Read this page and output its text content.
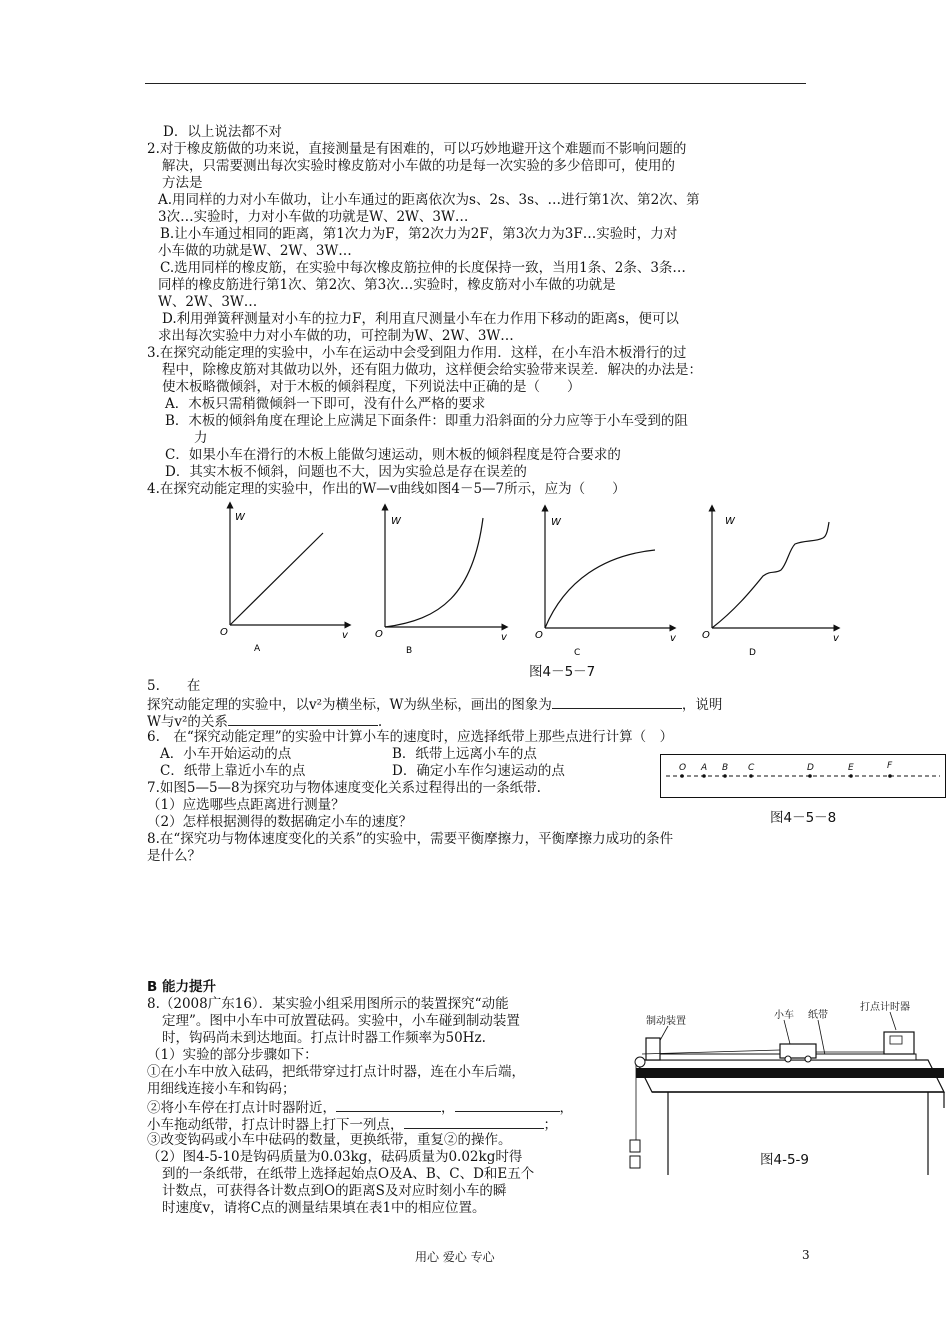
D．以上说法都不对
2.对于橡皮筋做的功来说，直接测量是有困难的，可以巧妙地避开这个难题而不影响问题的
解决，只需要测出每次实验时橡皮筋对小车做的功是每一次实验的多少倍即可，使用的
方法是
A.用同样的力对小车做功，让小车通过的距离依次为s、2s、3s、…进行第1次、第2次、第
3次…实验时，力对小车做的功就是W、2W、3W…
B.让小车通过相同的距离，第1次力为F，第2次力为2F，第3次力为3F…实验时，力对
小车做的功就是W、2W、3W…
C.选用同样的橡皮筋，在实验中每次橡皮筋拉伸的长度保持一致，当用1条、2条、3条…
同样的橡皮筋进行第1次、第2次、第3次…实验时，橡皮筋对小车做的功就是
W、2W、3W…
D.利用弹簧秤测量对小车的拉力F，利用直尺测量小车在力作用下移动的距离s，便可以
求出每次实验中力对小车做的功，可控制为W、2W、3W…
3.在探究动能定理的实验中，小车在运动中会受到阻力作用．这样，在小车沿木板滑行的过
程中，除橡皮筋对其做功以外，还有阻力做功，这样便会给实验带来误差．解决的办法是：
使木板略微倾斜，对于木板的倾斜程度，下列说法中正确的是（　　）
A．木板只需稍微倾斜一下即可，没有什么严格的要求
B．木板的倾斜角度在理论上应满足下面条件：即重力沿斜面的分力应等于小车受到的阻
力
C．如果小车在滑行的木板上能做匀速运动，则木板的倾斜程度是符合要求的
D．其实木板不倾斜，问题也不大，因为实验总是存在误差的
4.在探究动能定理的实验中，作出的W—v曲线如图4－5—7所示，应为（　　）
W
O	v
A
W
O	v
B
W
O	v
C
W
O	v
D
图4－5－7
5.　　在
探究动能定理的实验中，以v²为横坐标，W为纵坐标，画出的图象为	，说明
W与v²的关系	.
6.　在“探究动能定理”的实验中计算小车的速度时，应选择纸带上那些点进行计算（　）
A．小车开始运动的点	B．纸带上远离小车的点
C．纸带上靠近小车的点	D．确定小车作匀速运动的点	O A B C	D	E	F
图4－5－8
7.如图5—5—8为探究功与物体速度变化关系过程得出的一条纸带.
（1）应选哪些点距离进行测量？
（2）怎样根据测得的数据确定小车的速度？
8.在“探究功与物体速度变化的关系”的实验中，需要平衡摩擦力，平衡摩擦力成功的条件
是什么？
B 能力提升
8.（2008广东16）．某实验小组采用图所示的装置探究“动能
定理”。图中小车中可放置砝码。实验中，小车碰到制动装置
时，钩码尚未到达地面。打点计时器工作频率为50Hz.
（1）实验的部分步骤如下：
①在小车中放入砝码，把纸带穿过打点计时器，连在小车后端，
用细线连接小车和钩码；
②将小车停在打点计时器附近，	，	，
小车拖动纸带，打点计时器上打下一列点，	；
③改变钩码或小车中砝码的数量，更换纸带，重复②的操作。
（2）图4-5-10是钩码质量为0.03kg，砝码质量为0.02kg时得
到的一条纸带，在纸带上选择起始点O及A、B、C、D和E五个
计数点，可获得各计数点到O的距离S及对应时刻小车的瞬
时速度v，请将C点的测量结果填在表1中的相应位置。
制动装置
小车 纸带
打点计时器
图4-5-9
用心 爱心 专心	3
